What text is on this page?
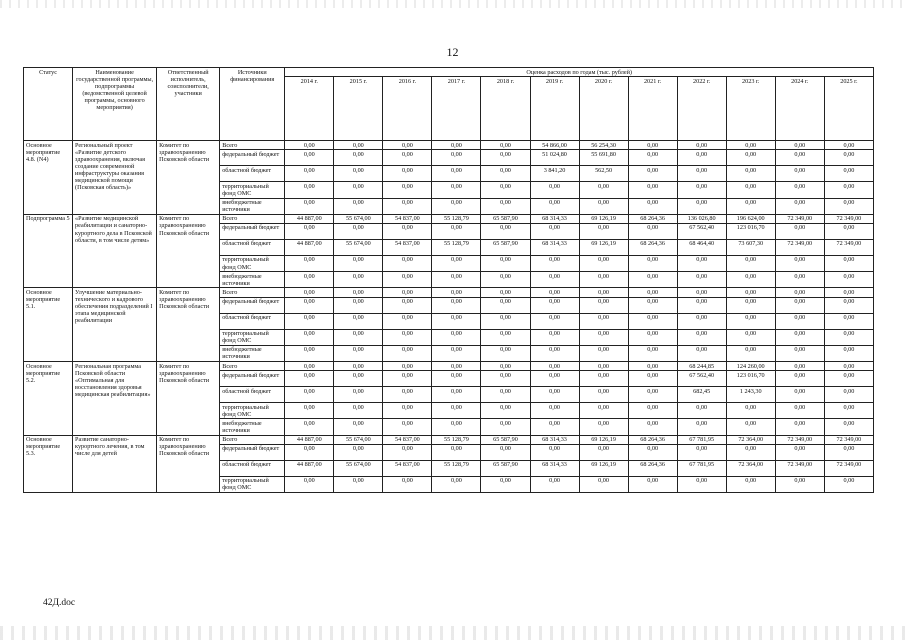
12
Статус	Наименование государственной программы, подпрограммы (ведомственной целевой программы, основного мероприятия)	Ответственный исполнитель, соисполнители, участники	Источники финансирования	Оценка расходов по годам (тыс. рублей)											
				2014 г.	2015 г.	2016 г.	2017 г.	2018 г.	2019 г.	2020 г.	2021 г.	2022 г.	2023 г.	2024 г.	2025 г.
Основное мероприятие 4.8. (N4)	Региональный проект «Развитие детского здравоохранения, включая создание современной инфраструктуры оказания медицинской помощи (Псковская область)»	Комитет по здравоохранению Псковской области	Всего	0,00	0,00	0,00	0,00	0,00	54 866,00	56 254,30	0,00	0,00	0,00	0,00	0,00
			федеральный бюджет	0,00	0,00	0,00	0,00	0,00	51 024,80	55 691,80	0,00	0,00	0,00	0,00	0,00
			областной бюджет	0,00	0,00	0,00	0,00	0,00	3 841,20	562,50	0,00	0,00	0,00	0,00	0,00
			территориальный фонд ОМС	0,00	0,00	0,00	0,00	0,00	0,00	0,00	0,00	0,00	0,00	0,00	0,00
			внебюджетные источники	0,00	0,00	0,00	0,00	0,00	0,00	0,00	0,00	0,00	0,00	0,00	0,00
Подпрограмма 5	«Развитие медицинской реабилитации и санаторно-курортного дела в Псковской области, в том числе детям»	Комитет по здравоохранению Псковской области	Всего	44 887,00	55 674,00	54 837,00	55 128,79	65 587,90	68 314,33	69 126,19	68 264,36	136 026,80	196 624,00	72 349,00	72 349,00
			федеральный бюджет	0,00	0,00	0,00	0,00	0,00	0,00	0,00	0,00	67 562,40	123 016,70	0,00	0,00
			областной бюджет	44 887,00	55 674,00	54 837,00	55 128,79	65 587,90	68 314,33	69 126,19	68 264,36	68 464,40	73 607,30	72 349,00	72 349,00
			территориальный фонд ОМС	0,00	0,00	0,00	0,00	0,00	0,00	0,00	0,00	0,00	0,00	0,00	0,00
			внебюджетные источники	0,00	0,00	0,00	0,00	0,00	0,00	0,00	0,00	0,00	0,00	0,00	0,00
Основное мероприятие 5.1.	Улучшение материально-технического и кадрового обеспечения подразделений I этапа медицинской реабилитации	Комитет по здравоохранению Псковской области	Всего	0,00	0,00	0,00	0,00	0,00	0,00	0,00	0,00	0,00	0,00	0,00	0,00
			федеральный бюджет	0,00	0,00	0,00	0,00	0,00	0,00	0,00	0,00	0,00	0,00	0,00	0,00
			областной бюджет	0,00	0,00	0,00	0,00	0,00	0,00	0,00	0,00	0,00	0,00	0,00	0,00
			территориальный фонд ОМС	0,00	0,00	0,00	0,00	0,00	0,00	0,00	0,00	0,00	0,00	0,00	0,00
			внебюджетные источники	0,00	0,00	0,00	0,00	0,00	0,00	0,00	0,00	0,00	0,00	0,00	0,00
Основное мероприятие 5.2.	Региональная программа Псковской области «Оптимальная для восстановления здоровья медицинская реабилитация»	Комитет по здравоохранению Псковской области	Всего	0,00	0,00	0,00	0,00	0,00	0,00	0,00	0,00	68 244,85	124 260,00	0,00	0,00
			федеральный бюджет	0,00	0,00	0,00	0,00	0,00	0,00	0,00	0,00	67 562,40	123 016,70	0,00	0,00
			областной бюджет	0,00	0,00	0,00	0,00	0,00	0,00	0,00	0,00	682,45	1 243,30	0,00	0,00
			территориальный фонд ОМС	0,00	0,00	0,00	0,00	0,00	0,00	0,00	0,00	0,00	0,00	0,00	0,00
			внебюджетные источники	0,00	0,00	0,00	0,00	0,00	0,00	0,00	0,00	0,00	0,00	0,00	0,00
Основное мероприятие 5.3.	Развитие санаторно-курортного лечения, в том числе для детей	Комитет по здравоохранению Псковской области	Всего	44 887,00	55 674,00	54 837,00	55 128,79	65 587,90	68 314,33	69 126,19	68 264,36	67 781,95	72 364,00	72 349,00	72 349,00
			федеральный бюджет	0,00	0,00	0,00	0,00	0,00	0,00	0,00	0,00	0,00	0,00	0,00	0,00
			областной бюджет	44 887,00	55 674,00	54 837,00	55 128,79	65 587,90	68 314,33	69 126,19	68 264,36	67 781,95	72 364,00	72 349,00	72 349,00
			территориальный фонд ОМС	0,00	0,00	0,00	0,00	0,00	0,00	0,00	0,00	0,00	0,00	0,00	0,00
42Д.doc
